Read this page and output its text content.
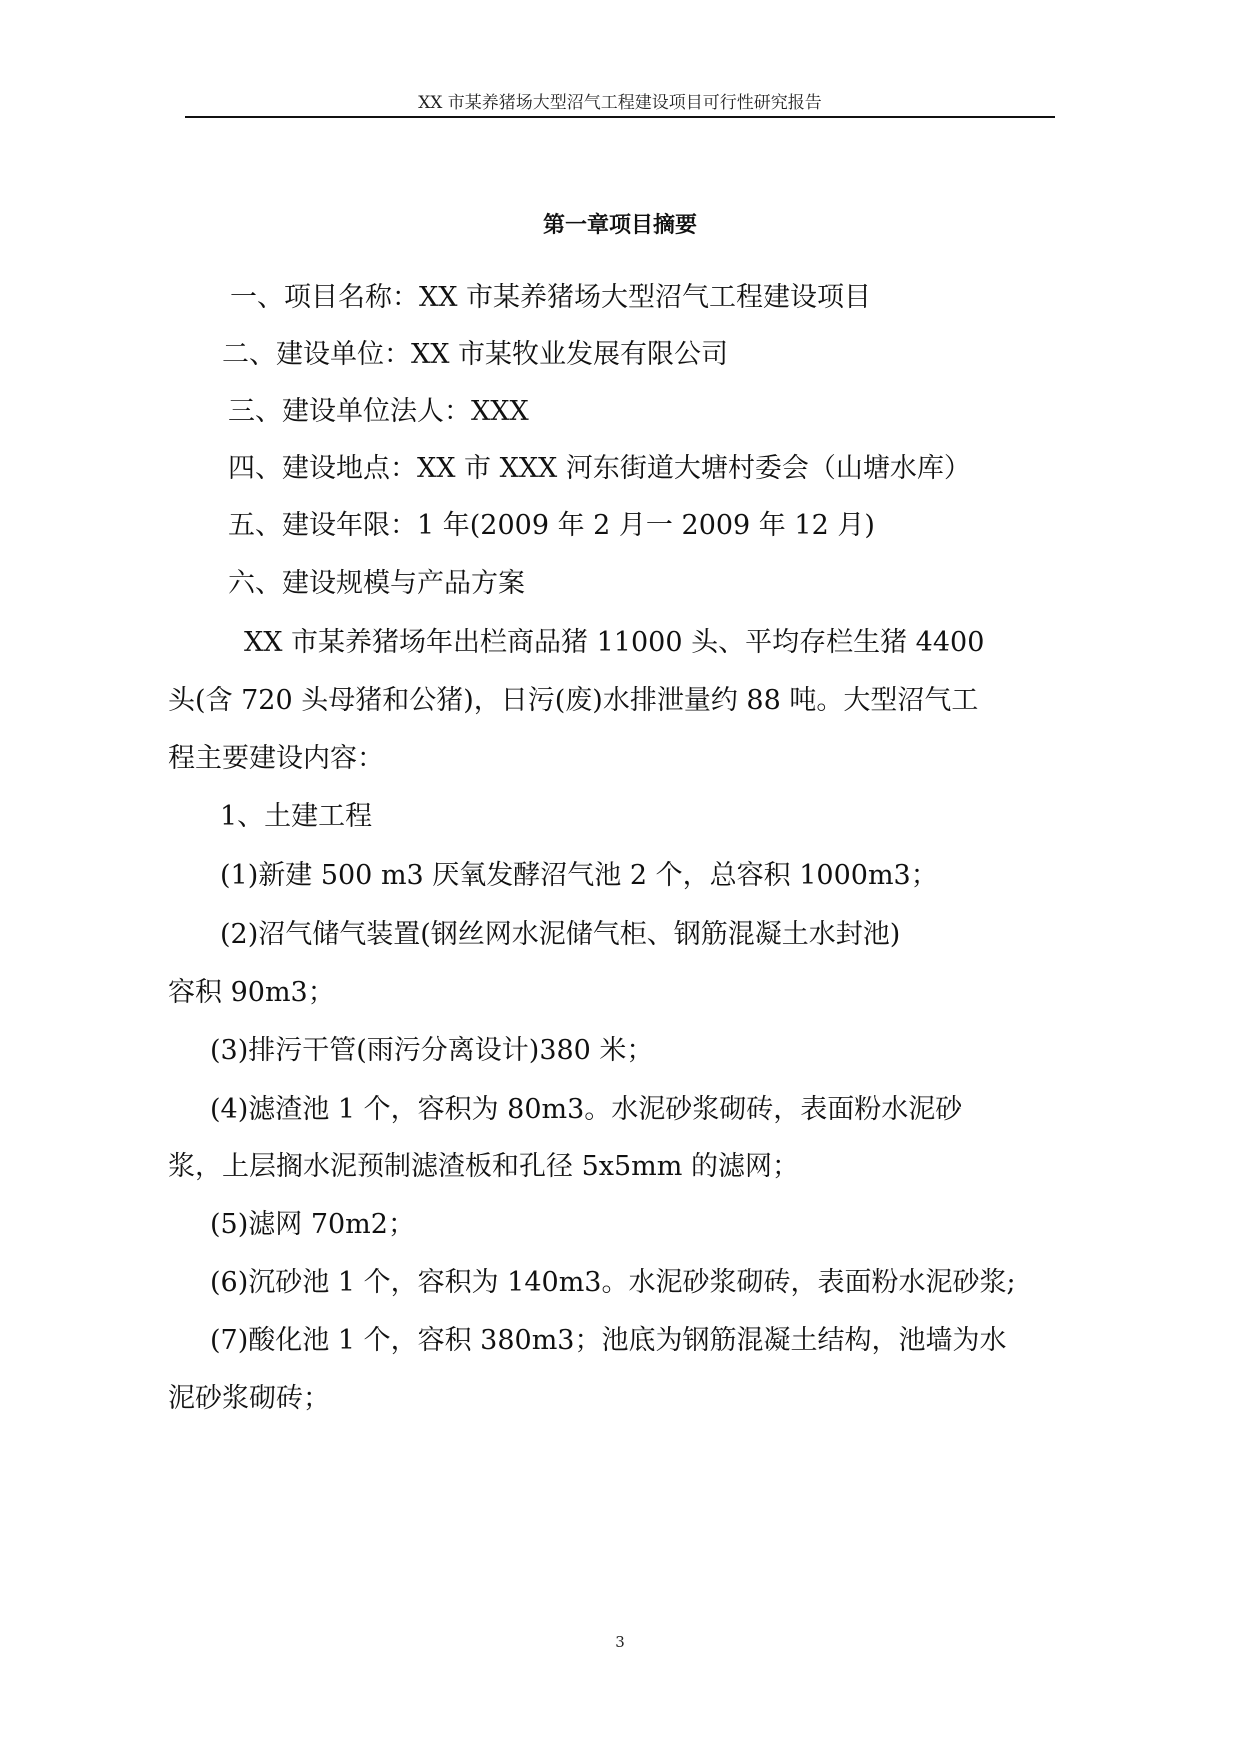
XX 市某养猪场大型沼气工程建设项目可行性研究报告
第一章项目摘要
一、项目名称：XX 市某养猪场大型沼气工程建设项目
二、建设单位：XX 市某牧业发展有限公司
三、建设单位法人：XXX
四、建设地点：XX 市 XXX 河东街道大塘村委会（山塘水库）
五、建设年限：1 年(2009 年 2 月一 2009 年 12 月)
六、建设规模与产品方案
XX 市某养猪场年出栏商品猪 11000 头、平均存栏生猪 4400
头(含 720 头母猪和公猪)，日污(废)水排泄量约 88 吨。大型沼气工
程主要建设内容：
1、土建工程
(1)新建 500 m3 厌氧发酵沼气池 2 个，总容积 1000m3；
(2)沼气储气装置(钢丝网水泥储气柜、钢筋混凝土水封池)
容积 90m3；
(3)排污干管(雨污分离设计)380 米；
(4)滤渣池 1 个，容积为 80m3。水泥砂浆砌砖，表面粉水泥砂
浆，上层搁水泥预制滤渣板和孔径 5x5mm 的滤网；
(5)滤网 70m2；
(6)沉砂池 1 个，容积为 140m3。水泥砂浆砌砖，表面粉水泥砂浆;
(7)酸化池 1 个，容积 380m3；池底为钢筋混凝土结构，池墙为水
泥砂浆砌砖；
3
